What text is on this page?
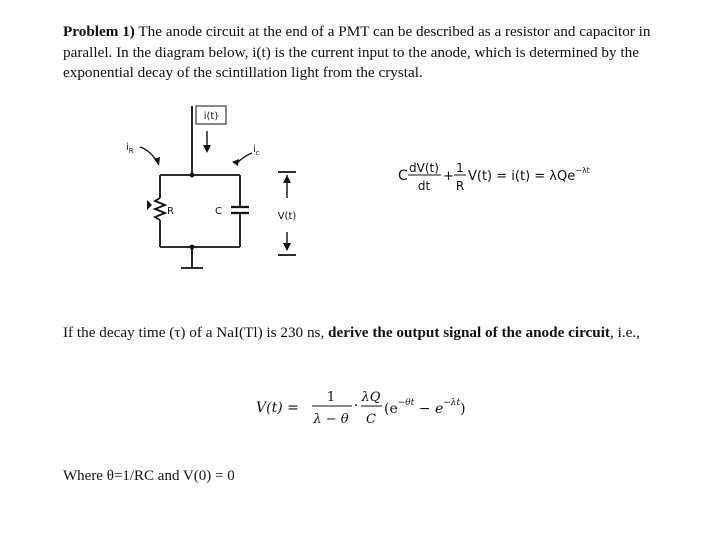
Problem 1) The anode circuit at the end of a PMT can be described as a resistor and capacitor in parallel. In the diagram below, i(t) is the current input to the anode, which is determined by the exponential decay of the scintillation light from the crystal.

i(t)
$i_R$	$i_c$
R	C	V(t)
C dV(t)
dt
+
1
R
V(t) = i(t) = λQe$^{-\lambda t}$
V(t) =
1
λ − θ
·
λQ
C
$(e^{-\theta t} - e^{-\lambda t})$

If the decay time (τ) of a NaI(Tl) is 230 ns, derive the output signal of the anode circuit, i.e.,

Where θ=1/RC and V(0) = 0
